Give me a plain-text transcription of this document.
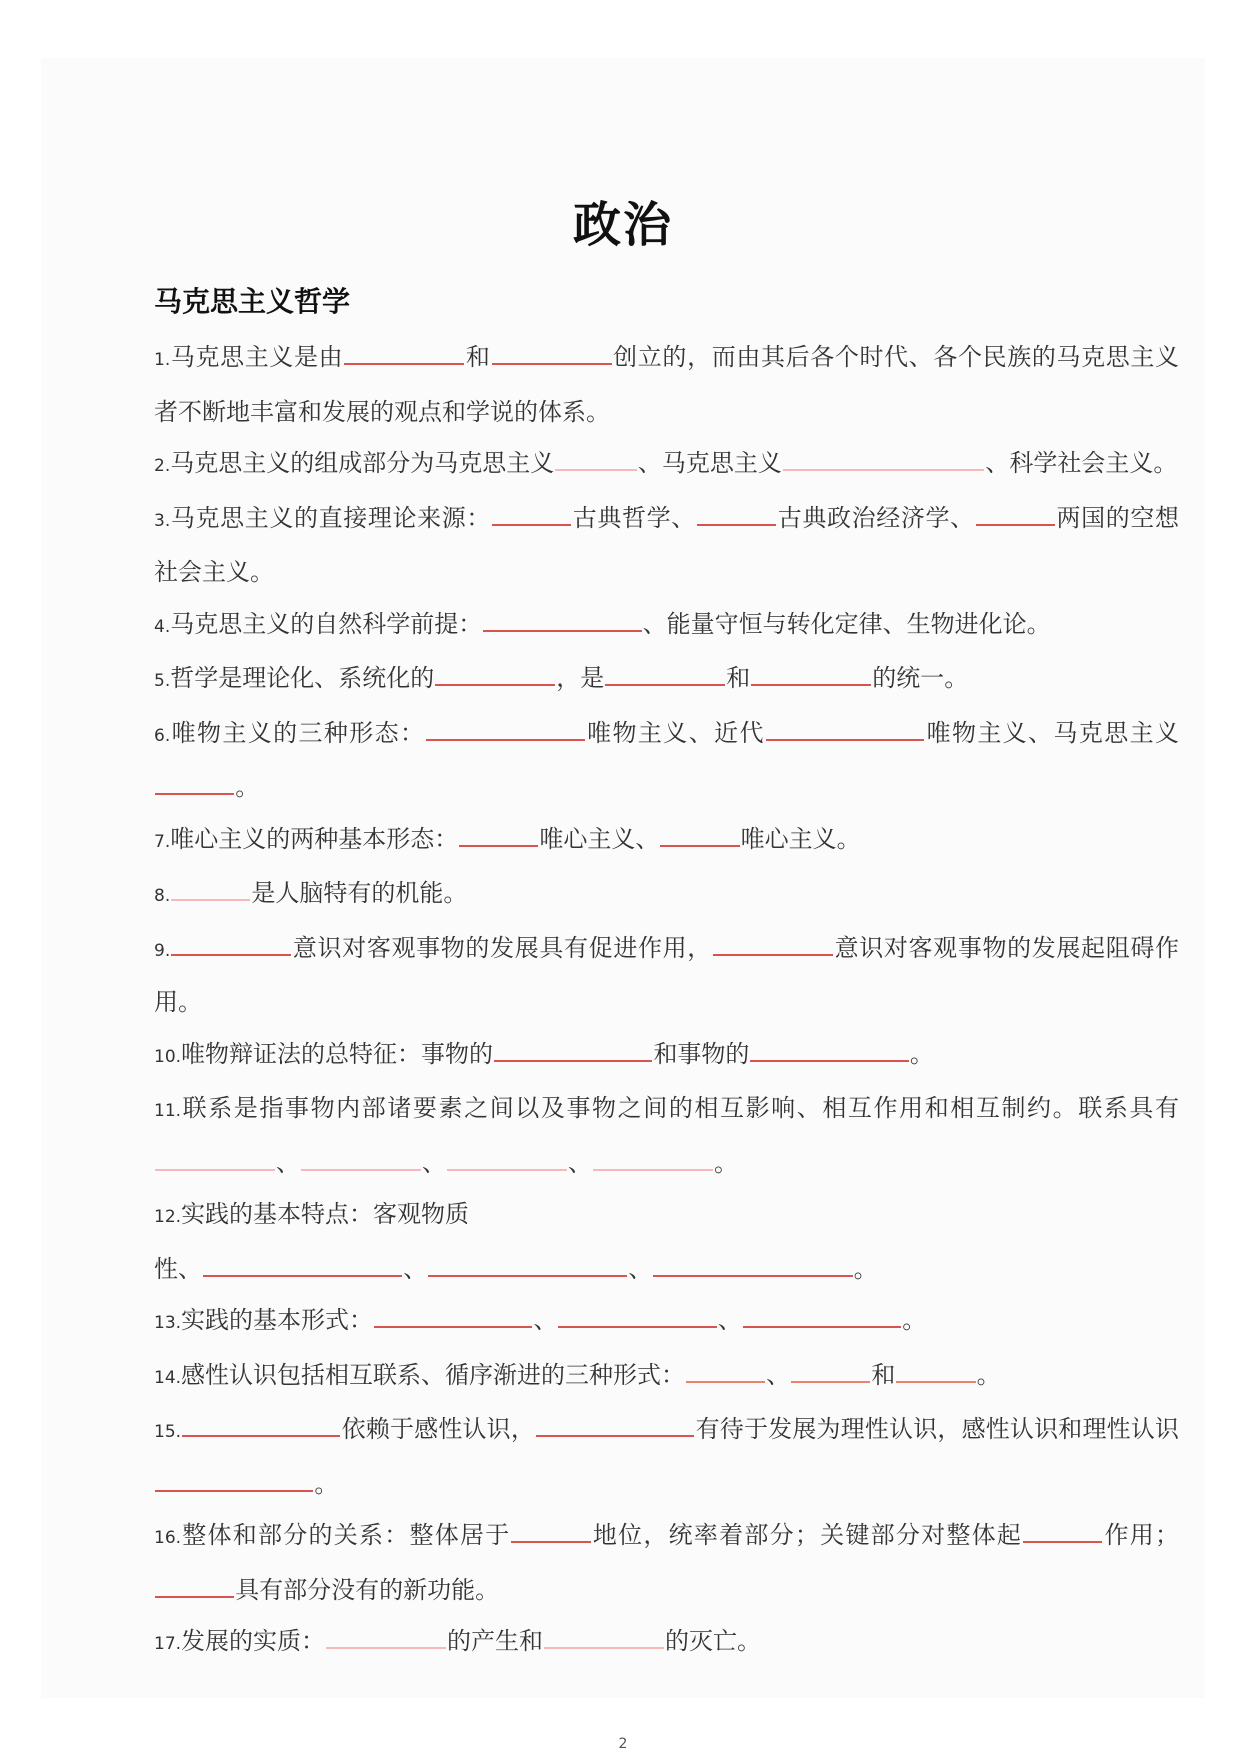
政治
马克思主义哲学

1.马克思主义是由	和	创立的，而由其后各个时代、各个民族的马克思主义者不断地丰富和发展的观点和学说的体系。

2.马克思主义的组成部分为马克思主义	、马克思主义	、科学社会主义。

3.马克思主义的直接理论来源：	古典哲学、	古典政治经济学、	两国的空想社会主义。

4.马克思主义的自然科学前提：	、能量守恒与转化定律、生物进化论。

5.哲学是理论化、系统化的	，是	和	的统一。

6.唯物主义的三种形态：	唯物主义、近代	唯物主义、马克思主义。

7.唯心主义的两种基本形态：	唯心主义、	唯心主义。

8.	是人脑特有的机能。

9.	意识对客观事物的发展具有促进作用，	意识对客观事物的发展起阻碍作用。

10.唯物辩证法的总特征：事物的	和事物的	。

11.联系是指事物内部诸要素之间以及事物之间的相互影响、相互作用和相互制约。联系具有、	、	、	。

12.实践的基本特点：客观物质
性、	、	、	。

13.实践的基本形式：	、	、	。

14.感性认识包括相互联系、循序渐进的三种形式：	、	和	。

15.	依赖于感性认识，	有待于发展为理性认识，感性认识和理性认识。

16.整体和部分的关系：整体居于	地位，统率着部分；关键部分对整体起	作用；具有部分没有的新功能。

17.发展的实质：	的产生和	的灭亡。

2
